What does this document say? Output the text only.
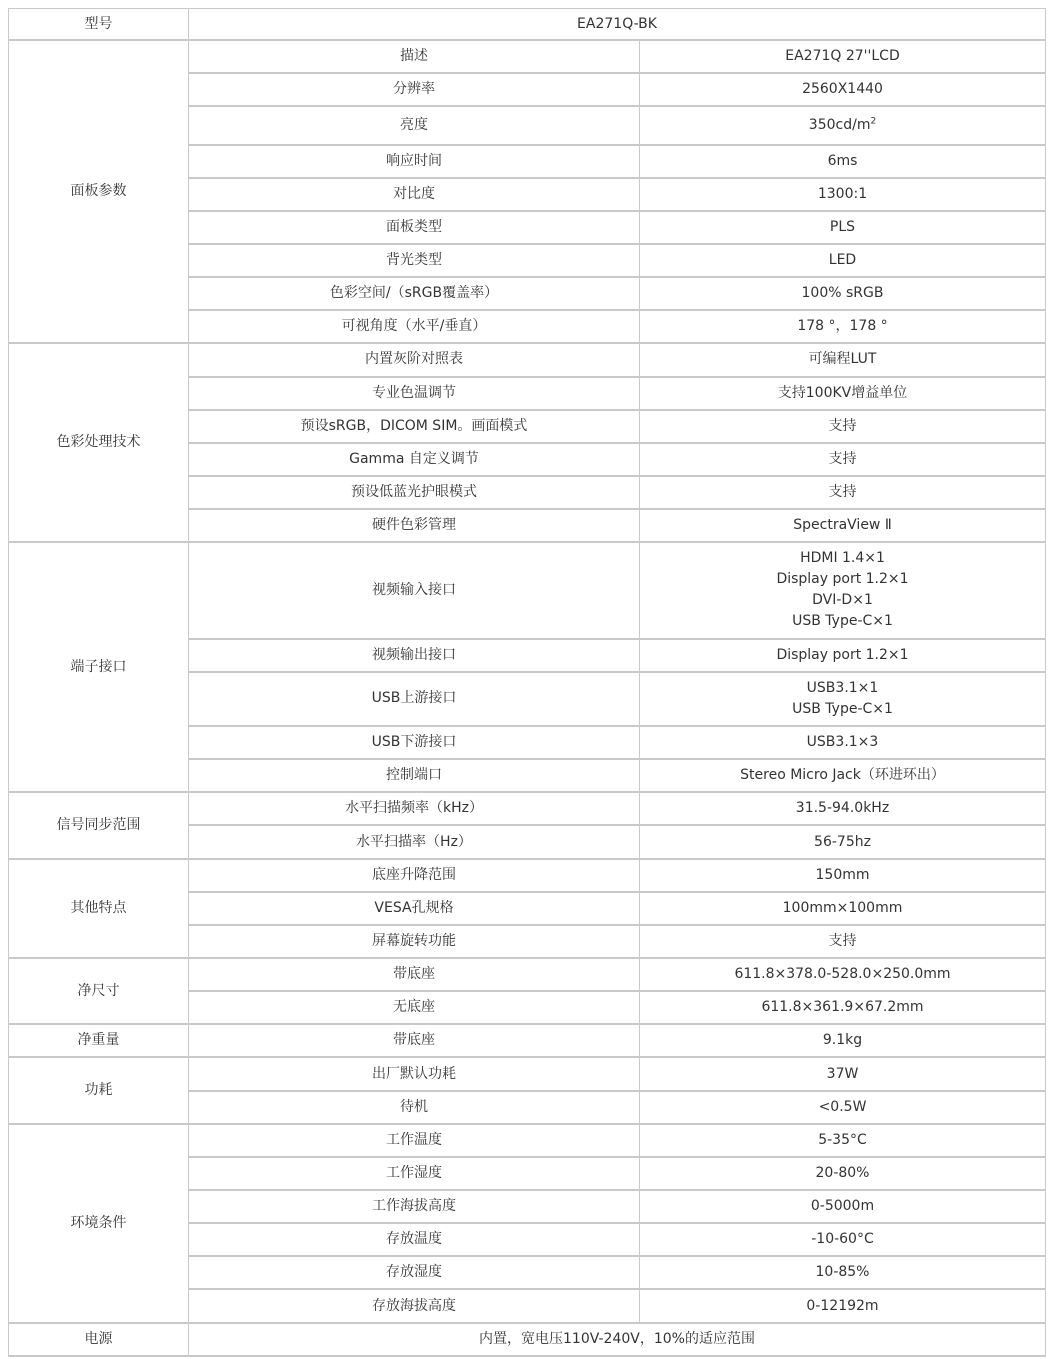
型号	EA271Q-BK	
面板参数	描述	EA271Q 27''LCD
	分辨率	2560X1440
	亮度	$350cd/m^2$
	响应时间	6ms
	对比度	1300:1
	面板类型	PLS
	背光类型	LED
	色彩空间/（sRGB覆盖率）	100% sRGB
	可视角度（水平/垂直）	178 °，178 °
色彩处理技术	内置灰阶对照表	可编程LUT
	专业色温调节	支持100KV增益单位
	预设sRGB，DICOM SIM。画面模式	支持
	Gamma 自定义调节	支持
	预设低蓝光护眼模式	支持
	硬件色彩管理	SpectraView Ⅱ
端子接口	视频输入接口	HDMI 1.4×1
Display port 1.2×1
DVI-D×1
USB Type-C×1

	视频输出接口	Display port 1.2×1
	USB上游接口	USB3.1×1
USB Type-C×1

	USB下游接口	USB3.1×3
	控制端口	Stereo Micro Jack（环进环出）
信号同步范围	水平扫描频率（kHz）	31.5-94.0kHz
	水平扫描率（Hz）	56-75hz
其他特点	底座升降范围	150mm
	VESA孔规格	100mm×100mm
	屏幕旋转功能	支持
净尺寸	带底座	611.8×378.0-528.0×250.0mm
	无底座	611.8×361.9×67.2mm
净重量	带底座	9.1kg
功耗	出厂默认功耗	37W
	待机	<0.5W
环境条件	工作温度	5-35°C
	工作湿度	20-80%
	工作海拔高度	0-5000m
	存放温度	-10-60°C
	存放湿度	10-85%
	存放海拔高度	0-12192m
电源	内置，宽电压110V-240V，10%的适应范围	
